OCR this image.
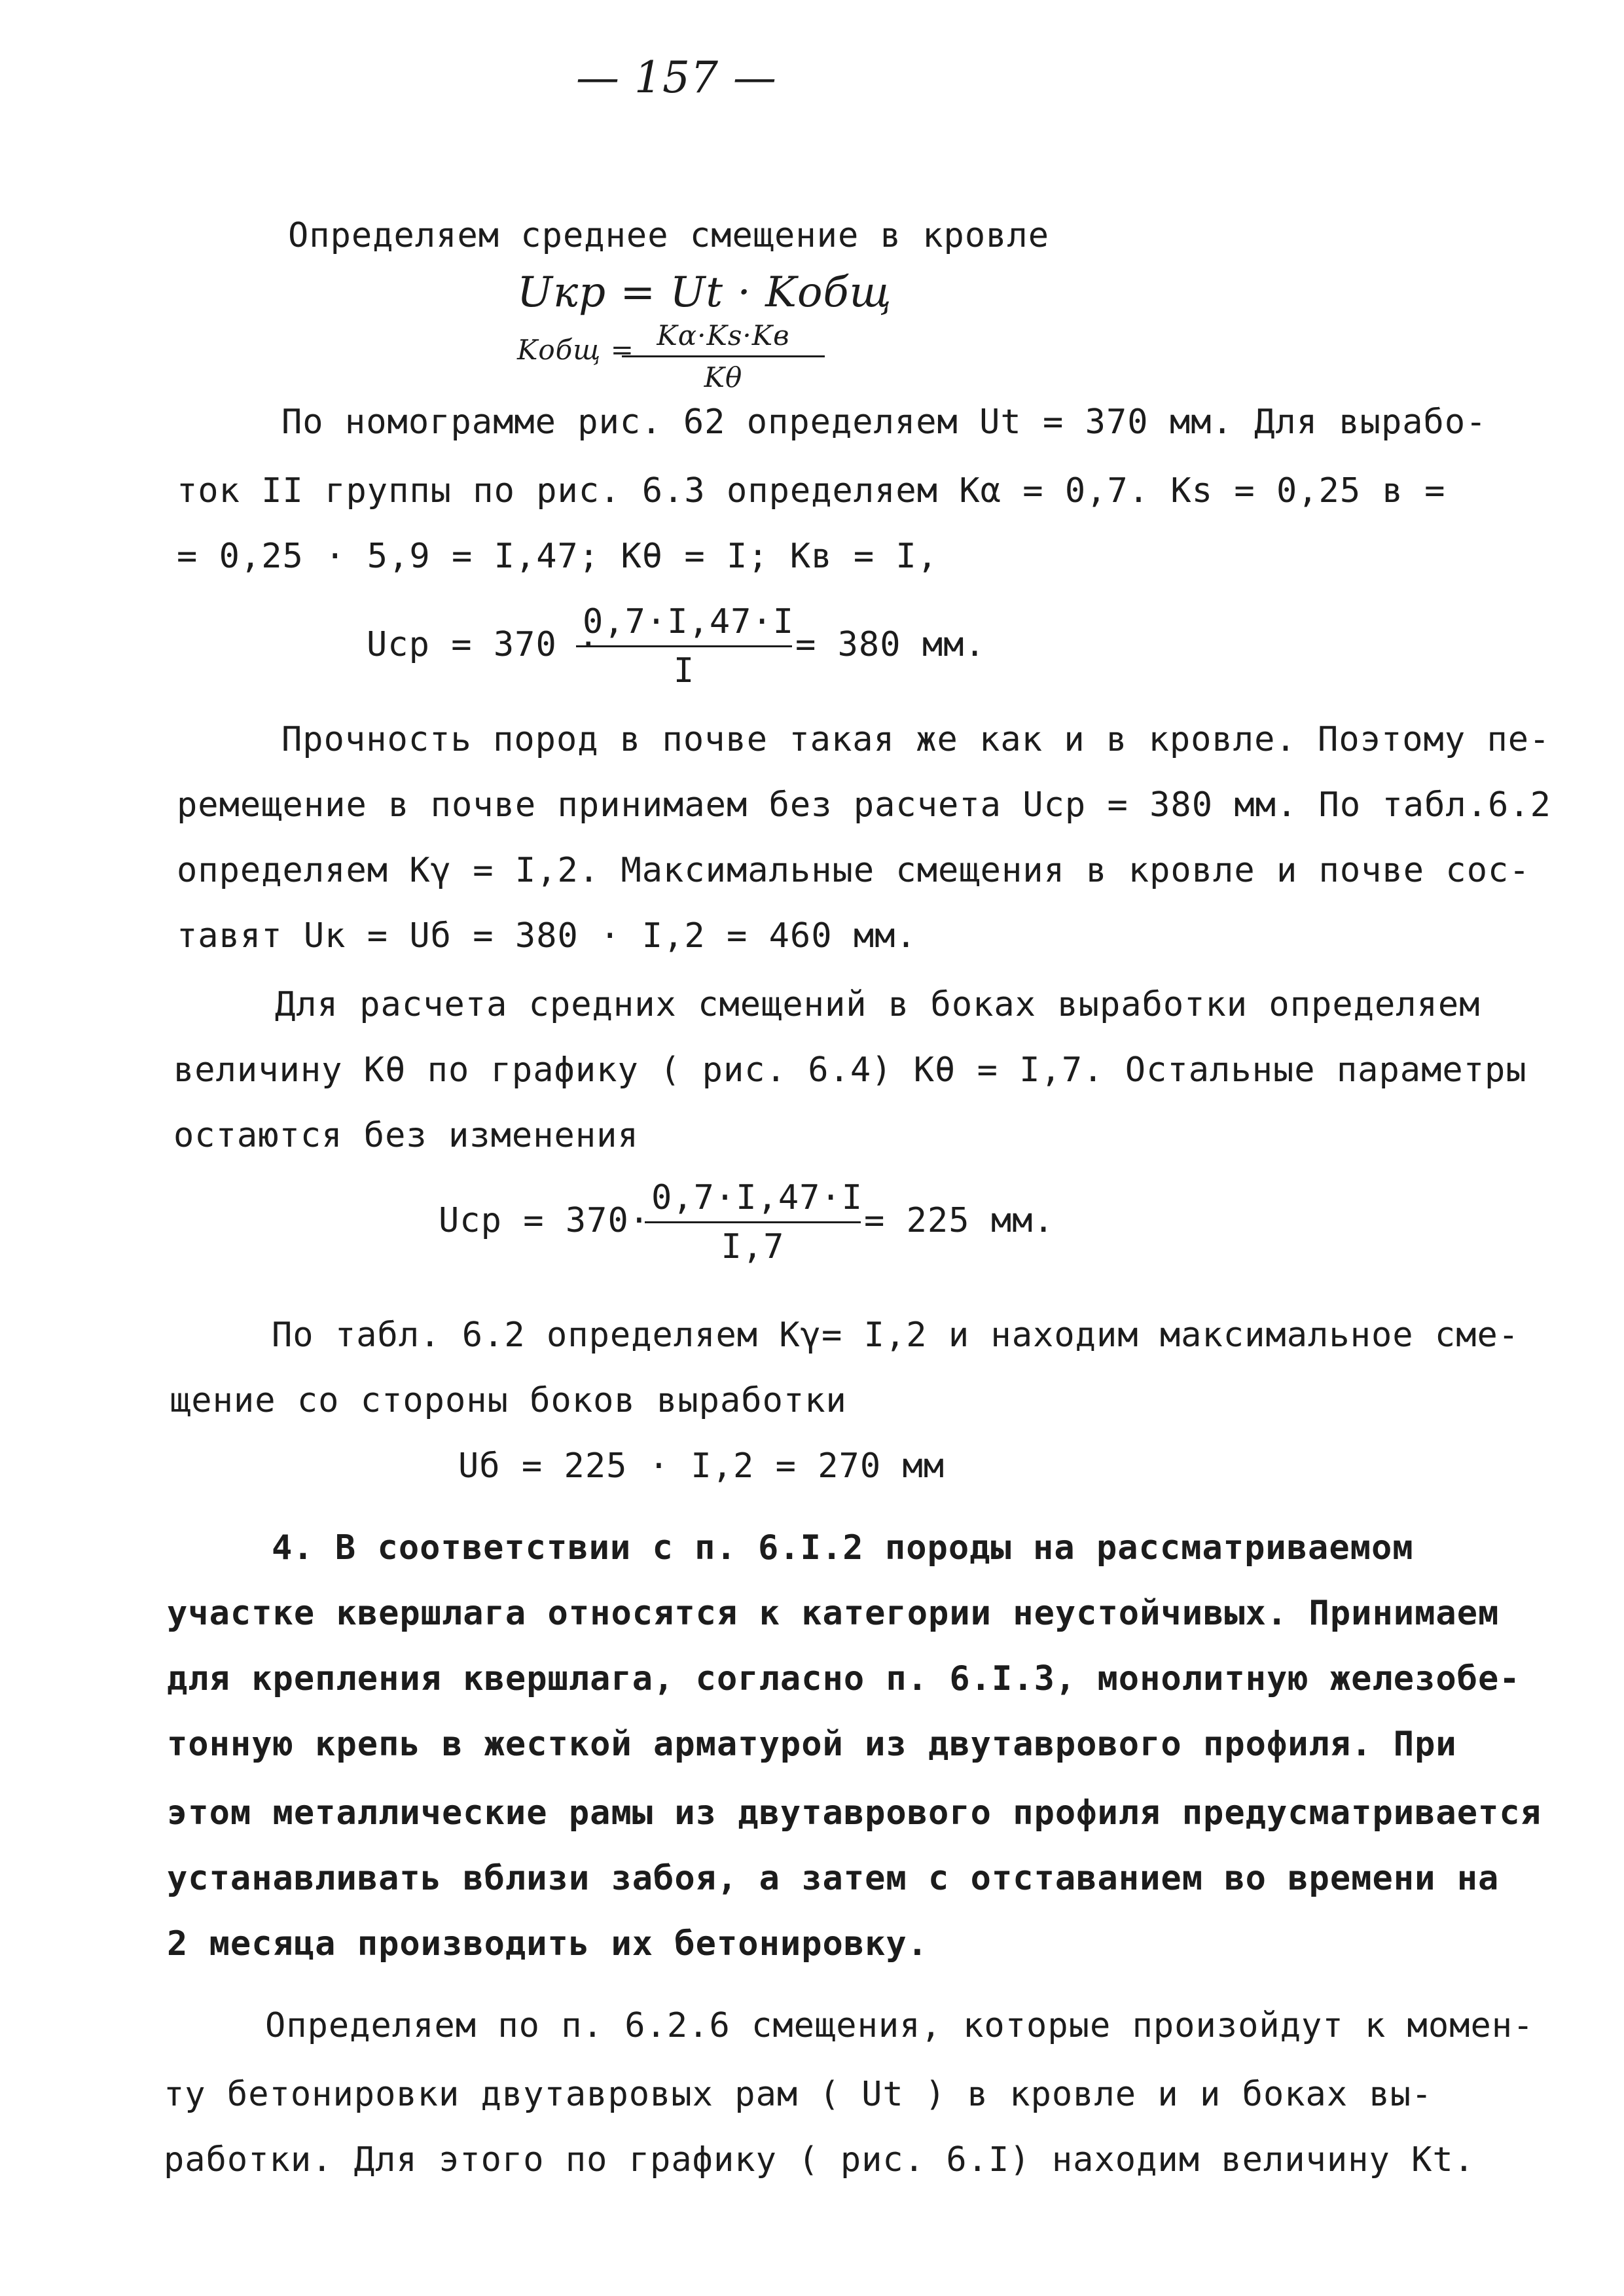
— 157 —
Определяем среднее смещение в кровле
Uкр = Ut · Kобщ
Kобщ = Kα·Ks·Kв
Kθ
По номограмме рис. 62 определяем Ut = 370 мм. Для вырабо-
ток II группы по рис. 6.3 определяем Kα = 0,7. Ks = 0,25 в =
= 0,25 · 5,9 = I,47; Kθ = I; Kв = I,
Uср = 370 ·
$\frac{0,7\cdot I,47\cdot I}{I} = 380$ мм.
Прочность пород в почве такая же как и в кровле. Поэтому пе-
ремещение в почве принимаем без расчета Uср = 380 мм. По табл.6.2
определяем Kγ = I,2. Максимальные смещения в кровле и почве сос-
тавят Uк = Uб = 380 · I,2 = 460 мм.
Для расчета средних смещений в боках выработки определяем
величину Kθ по графику ( рис. 6.4) Kθ = I,7. Остальные параметры
остаются без изменения
Uср = 370·
$\frac{0,7\cdot I,47\cdot I}{I,7} = 225$ мм.
По табл. 6.2 определяем Kγ= I,2 и находим максимальное сме-
щение со стороны боков выработки
Uб = 225 · I,2 = 270 мм
4. В соответствии с п. 6.I.2 породы на рассматриваемом
участке квершлага относятся к категории неустойчивых. Принимаем
для крепления квершлага, согласно п. 6.I.3, монолитную железобе-
тонную крепь в жесткой арматурой из двутаврового профиля. При
этом металлические рамы из двутаврового профиля предусматривается
устанавливать вблизи забоя, а затем с отставанием во времени на
2 месяца производить их бетонировку.
Определяем по п. 6.2.6 смещения, которые произойдут к момен-
ту бетонировки двутавровых рам ( Ut ) в кровле и и боках вы-
работки. Для этого по графику ( рис. 6.I) находим величину Kt.
